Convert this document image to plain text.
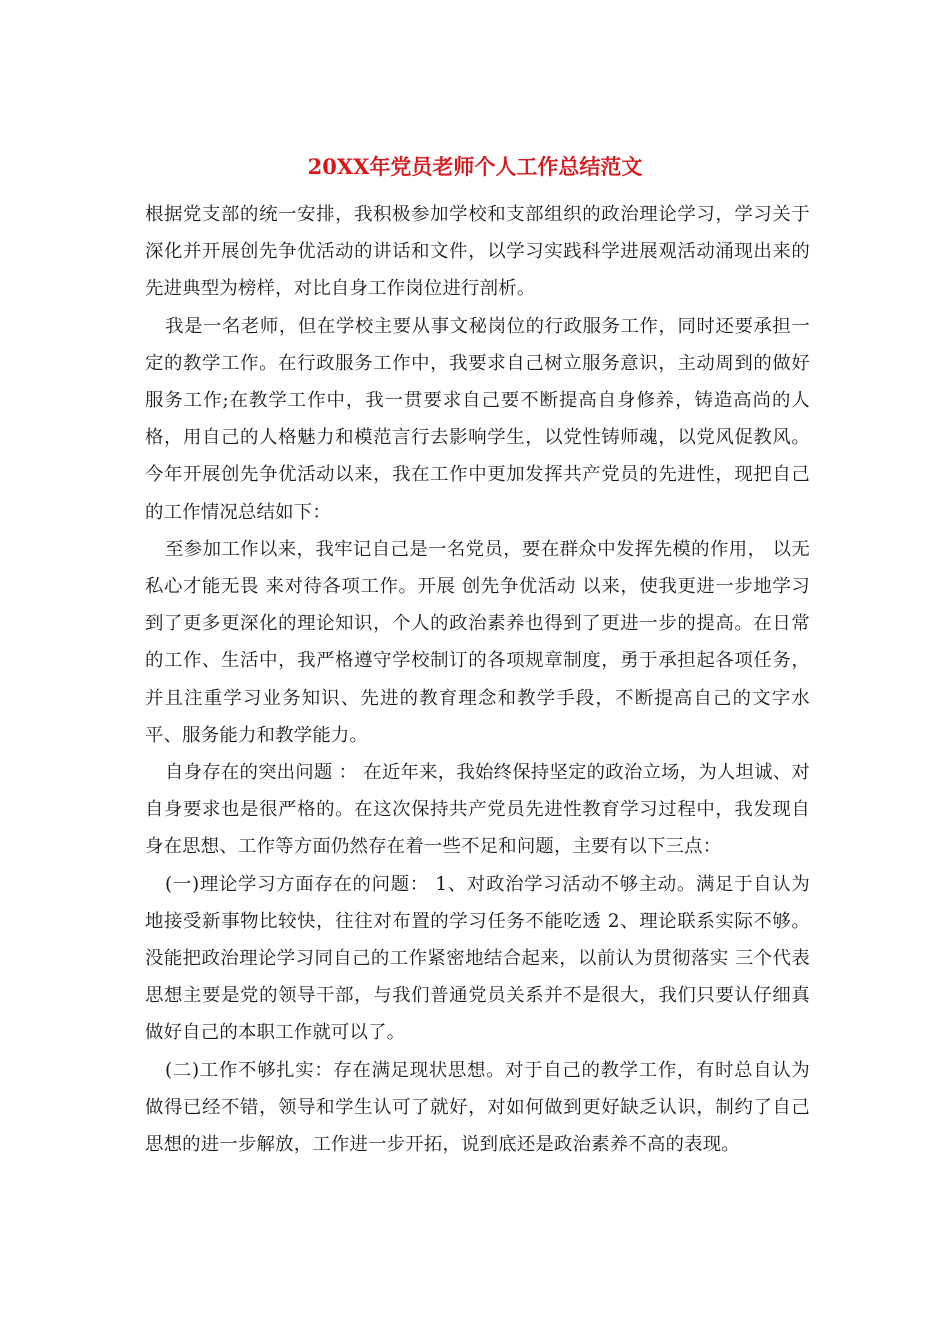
20XX年党员老师个人工作总结范文

根据党支部的统一安排，我积极参加学校和支部组织的政治理论学习，学习关于深化并开展创先争优活动的讲话和文件，以学习实践科学进展观活动涌现出来的先进典型为榜样，对比自身工作岗位进行剖析。

我是一名老师，但在学校主要从事文秘岗位的行政服务工作，同时还要承担一定的教学工作。在行政服务工作中，我要求自己树立服务意识，主动周到的做好服务工作;在教学工作中，我一贯要求自己要不断提高自身修养，铸造高尚的人格，用自己的人格魅力和模范言行去影响学生，以党性铸师魂，以党风促教风。今年开展创先争优活动以来，我在工作中更加发挥共产党员的先进性，现把自己的工作情况总结如下：

至参加工作以来，我牢记自己是一名党员，要在群众中发挥先模的作用， 以无私心才能无畏 来对待各项工作。开展 创先争优活动 以来，使我更进一步地学习到了更多更深化的理论知识，个人的政治素养也得到了更进一步的提高。在日常的工作、生活中，我严格遵守学校制订的各项规章制度，勇于承担起各项任务，并且注重学习业务知识、先进的教育理念和教学手段，不断提高自己的文字水平、服务能力和教学能力。

自身存在的突出问题 ： 在近年来，我始终保持坚定的政治立场，为人坦诚、对自身要求也是很严格的。在这次保持共产党员先进性教育学习过程中，我发现自身在思想、工作等方面仍然存在着一些不足和问题，主要有以下三点：

(一)理论学习方面存在的问题： 1、对政治学习活动不够主动。满足于自认为地接受新事物比较快，往往对布置的学习任务不能吃透 2、理论联系实际不够。没能把政治理论学习同自己的工作紧密地结合起来，以前认为贯彻落实 三个代表 思想主要是党的领导干部，与我们普通党员关系并不是很大，我们只要认仔细真做好自己的本职工作就可以了。

(二)工作不够扎实：存在满足现状思想。对于自己的教学工作，有时总自认为做得已经不错，领导和学生认可了就好，对如何做到更好缺乏认识，制约了自己思想的进一步解放，工作进一步开拓，说到底还是政治素养不高的表现。
